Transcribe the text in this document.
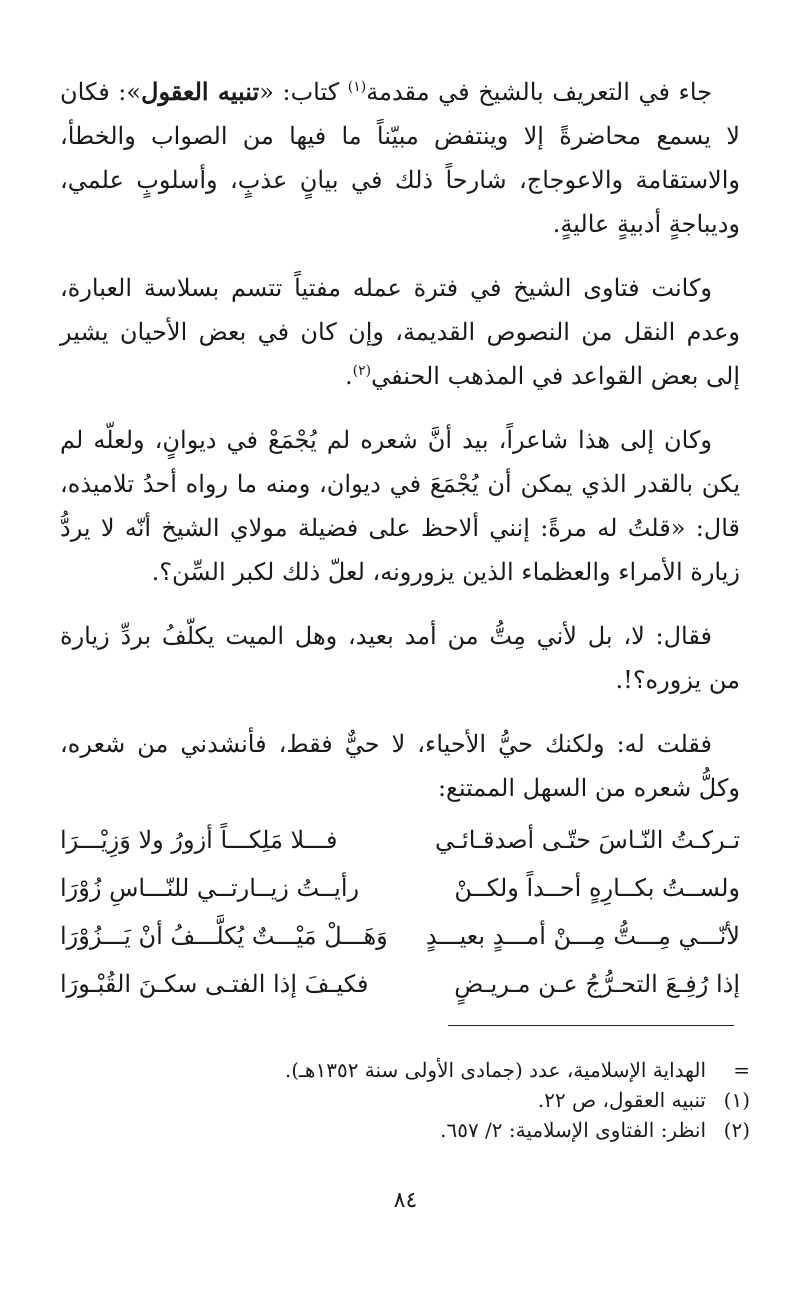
جاء في التعريف بالشيخ في مقدمة$^{(١)}$ كتاب: «تنبيه العقول»: فكان لا يسمع محاضرةً إلا وينتفض مبيّناً ما فيها من الصواب والخطأ، والاستقامة والاعوجاج، شارحاً ذلك في بيانٍ عذبٍ، وأسلوبٍ علمي، وديباجةٍ أدبيةٍ عاليةٍ.

وكانت فتاوى الشيخ في فترة عمله مفتياً تتسم بسلاسة العبارة، وعدم النقل من النصوص القديمة، وإن كان في بعض الأحيان يشير إلى بعض القواعد في المذهب الحنفي$^{(٢)}$.

وكان إلى هذا شاعراً، بيد أنَّ شعره لم يُجْمَعْ في ديوانٍ، ولعلّه لم يكن بالقدر الذي يمكن أن يُجْمَعَ في ديوان، ومنه ما رواه أحدُ تلاميذه، قال: «قلتُ له مرةً: إنني ألاحظ على فضيلة مولاي الشيخ أنّه لا يردُّ زيارة الأمراء والعظماء الذين يزورونه، لعلّ ذلك لكبر السِّن؟.

فقال: لا، بل لأني مِتُّ من أمد بعيد، وهل الميت يكلّفُ بردِّ زيارة من يزوره؟!.

فقلت له: ولكنك حيُّ الأحياء، لا حيٌّ فقط، فأنشدني من شعره، وكلُّ شعره من السهل الممتنع:

تـركـتُ النّـاسَ حتّـى أصدقـائـي
فـــلا مَلِكـــاً أزورُ ولا وَزِيْـــرَا
ولســتُ بكــارِهٍ أحــداً ولكــنْ
رأيــتُ زيــارتــي للنّـــاسِ زُوْرَا
لأنّـــي مِـــتُّ مِـــنْ أمـــدٍ بعيـــدٍ
وَهَـــلْ مَيْـــتٌ يُكلَّـــفُ أنْ يَـــزُوْرَا
إذا رُفِـعَ التحـرُّجُ عـن مـريـضٍ
فكيـفَ إذا الفتـى سكـنَ القُبْـورَا
=
الهداية الإسلامية، عدد (جمادى الأولى سنة ١٣٥٢هـ).
(١)
تنبيه العقول، ص ٢٢.
(٢)
انظر: الفتاوى الإسلامية: ٢/ ٦٥٧.
٨٤
